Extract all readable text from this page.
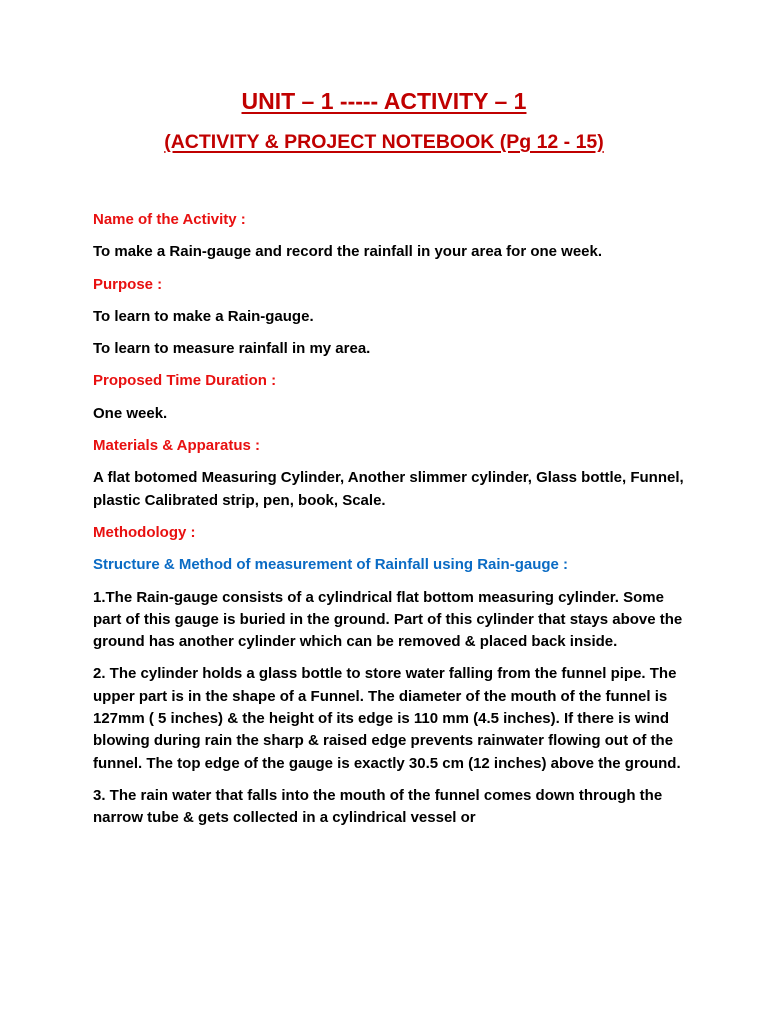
UNIT – 1 ----- ACTIVITY – 1
(ACTIVITY & PROJECT NOTEBOOK (Pg 12 - 15)

Name of the Activity :

To make a Rain-gauge and record the rainfall in your area for one week.

Purpose :

To learn to make a Rain-gauge.

To learn to measure rainfall in my area.

Proposed Time Duration :

One week.

Materials & Apparatus :

A flat botomed Measuring Cylinder, Another slimmer cylinder, Glass bottle, Funnel, plastic Calibrated strip, pen, book, Scale.

Methodology :

Structure & Method of measurement of Rainfall using Rain-gauge :

1.The Rain-gauge consists of a cylindrical flat bottom measuring cylinder. Some part of this gauge is buried in the ground. Part of this cylinder that stays above the ground has another cylinder which can be removed & placed back inside.

2. The cylinder holds a glass bottle to store water falling from the funnel pipe. The upper part is in the shape of a Funnel. The diameter of the mouth of the funnel is 127mm ( 5 inches) & the height of its edge is 110 mm (4.5 inches). If there is wind blowing during rain the sharp & raised edge prevents rainwater flowing out of the funnel. The top edge of the gauge is exactly 30.5 cm (12 inches) above the ground.

3. The rain water that falls into the mouth of the funnel comes down through the narrow tube & gets collected in a cylindrical vessel or
